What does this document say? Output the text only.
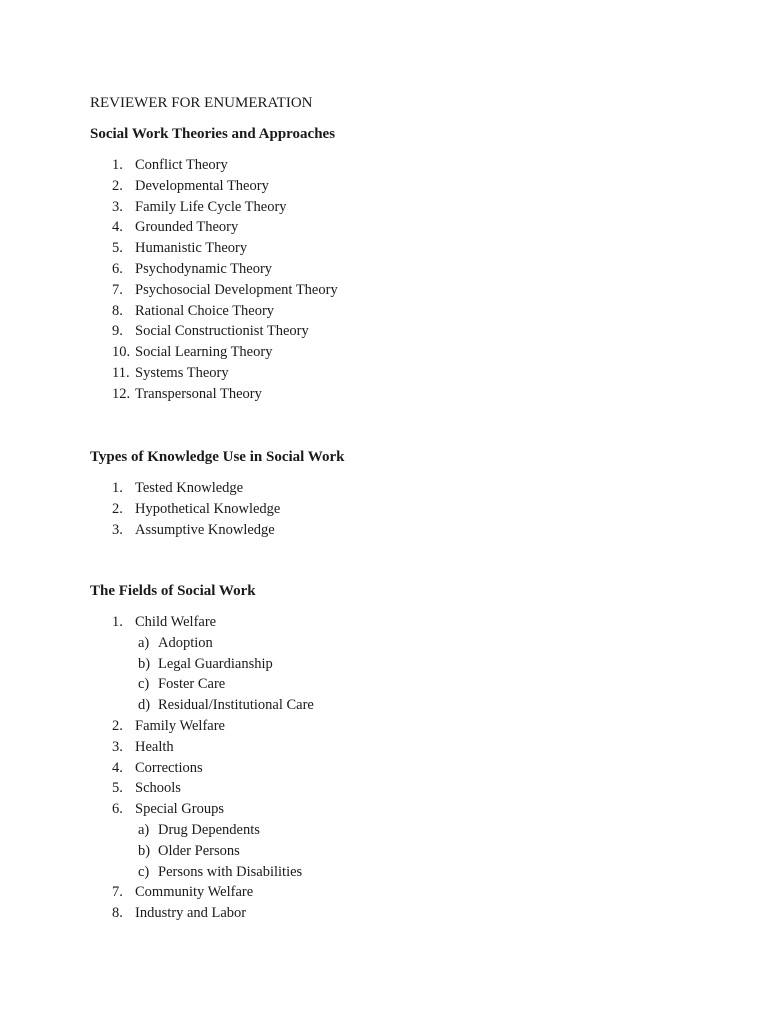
REVIEWER FOR ENUMERATION
Social Work Theories and Approaches
1. Conflict Theory
2. Developmental Theory
3. Family Life Cycle Theory
4. Grounded Theory
5. Humanistic Theory
6. Psychodynamic Theory
7. Psychosocial Development Theory
8. Rational Choice Theory
9. Social Constructionist Theory
10. Social Learning Theory
11. Systems Theory
12. Transpersonal Theory
Types of Knowledge Use in Social Work
1. Tested Knowledge
2. Hypothetical Knowledge
3. Assumptive Knowledge
The Fields of Social Work
1. Child Welfare
a) Adoption
b) Legal Guardianship
c) Foster Care
d) Residual/Institutional Care
2. Family Welfare
3. Health
4. Corrections
5. Schools
6. Special Groups
a) Drug Dependents
b) Older Persons
c) Persons with Disabilities
7. Community Welfare
8. Industry and Labor
